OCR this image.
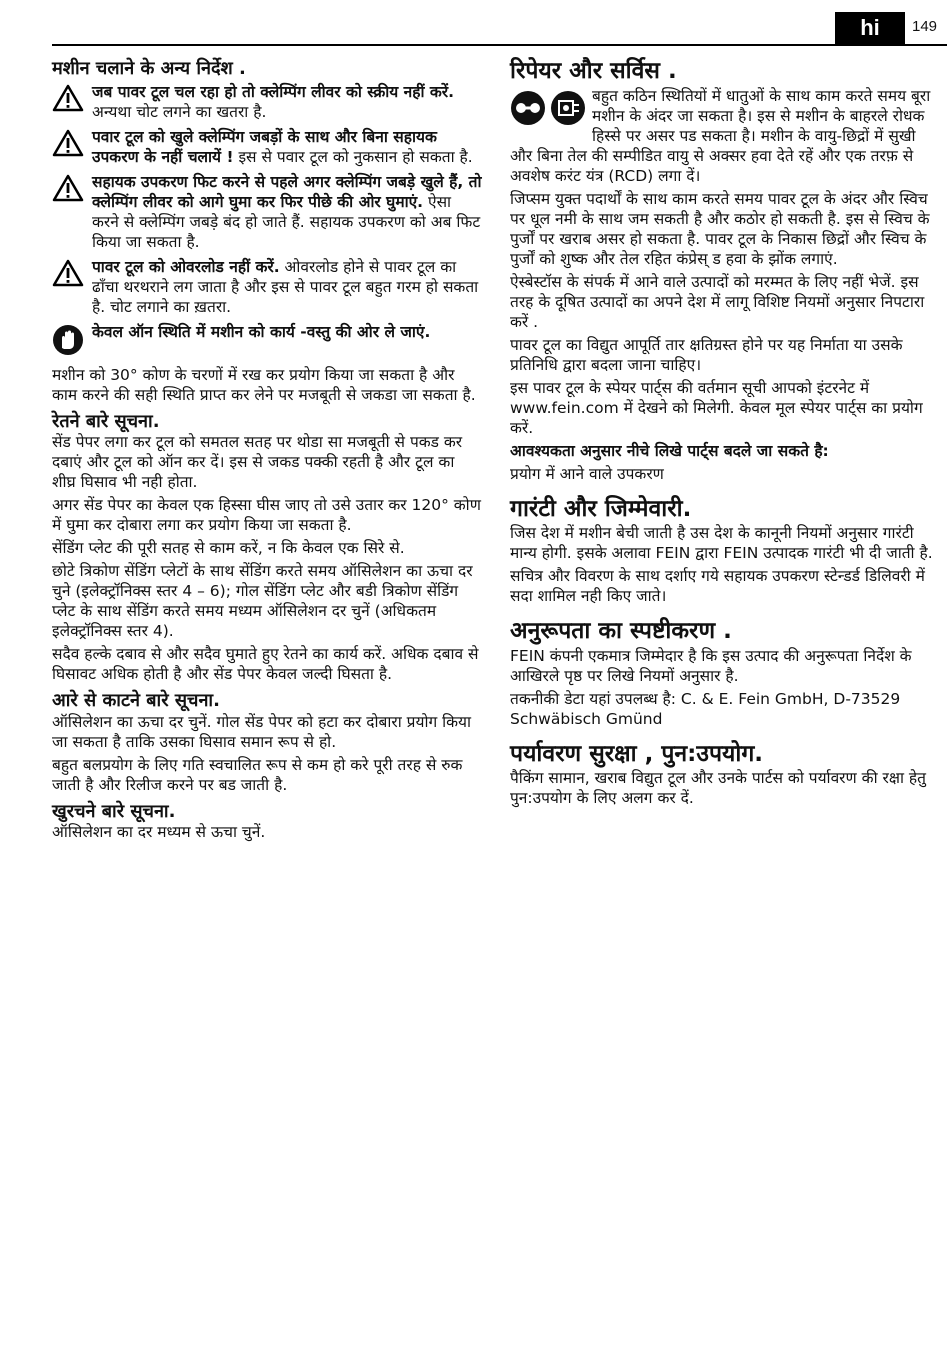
hi	149
मशीन चलाने के अन्य निर्देश .
जब पावर टूल चल रहा हो तो क्लेम्पिंग लीवर को स्क्रीय नहीं करें. अन्यथा चोट लगने का खतरा है.
पवार टूल को खुले क्लेम्पिंग जबड़ों के साथ और बिना सहायक उपकरण के नहीं चलायें ! इस से पवार टूल को नुकसान हो सकता है.
सहायक उपकरण फिट करने से पहले अगर क्लेम्पिंग जबड़े खुले हैं, तो क्लेम्पिंग लीवर को आगे घुमा कर फिर पीछे की ओर घुमाएं. ऐसा करने से क्लेम्पिंग जबड़े बंद हो जाते हैं. सहायक उपकरण को अब फिट किया जा सकता है.
पावर टूल को ओवरलोड नहीं करें. ओवरलोड होने से पावर टूल का ढाँचा थरथराने लग जाता है और इस से पावर टूल बहुत गरम हो सकता है. चोट लगाने का ख़तरा.
केवल ऑन स्थिति में मशीन को कार्य -वस्तु की ओर ले जाएं.

मशीन को 30° कोण के चरणों में रख कर प्रयोग किया जा सकता है और काम करने की सही स्थिति प्राप्त कर लेने पर मजबूती से जकडा जा सकता है.

रेतने बारे सूचना.

सेंड पेपर लगा कर टूल को समतल सतह पर थोडा सा मजबूती से पकड कर दबाएं और टूल को ऑन कर दें। इस से जकड पक्की रहती है और टूल का शीघ्र घिसाव भी नही होता.

अगर सेंड पेपर का केवल एक हिस्सा घीस जाए तो उसे उतार कर 120° कोण में घुमा कर दोबारा लगा कर प्रयोग किया जा सकता है.

सेंडिंग प्लेट की पूरी सतह से काम करें, न कि केवल एक सिरे से.

छोटे त्रिकोण सेंडिंग प्लेटों के साथ सेंडिंग करते समय ऑसिलेशन का ऊचा दर चुने (इलेक्ट्रॉनिक्स स्तर 4 – 6); गोल सेंडिंग प्लेट और बडी त्रिकोण सेंडिंग प्लेट के साथ सेंडिंग करते समय मध्यम ऑसिलेशन दर चुनें (अधिकतम इलेक्ट्रॉनिक्स स्तर 4).

सदैव हल्के दबाव से और सदैव घुमाते हुए रेतने का कार्य करें. अधिक दबाव से घिसावट अधिक होती है और सेंड पेपर केवल जल्दी घिसता है.

आरे से काटने बारे सूचना.

ऑसिलेशन का ऊचा दर चुनें. गोल सेंड पेपर को हटा कर दोबारा प्रयोग किया जा सकता है ताकि उसका घिसाव समान रूप से हो.

बहुत बलप्रयोग के लिए गति स्वचालित रूप से कम हो करे पूरी तरह से रुक जाती है और रिलीज करने पर बड जाती है.

खुरचने बारे सूचना.

ऑसिलेशन का दर मध्यम से ऊचा चुनें.

रिपेयर और सर्विस .

बहुत कठिन स्थितियों में धातुओं के साथ काम करते समय बूरा मशीन के अंदर जा सकता है। इस से मशीन के बाहरले रोधक हिस्से पर असर पड सकता है। मशीन के वायु-छिद्रों में सुखी और बिना तेल की सम्पीडित वायु से अक्सर हवा देते रहें और एक तरफ़ से अवशेष करंट यंत्र (RCD) लगा दें।

जिप्सम युक्त पदार्थों के साथ काम करते समय पावर टूल के अंदर और स्विच पर धूल नमी के साथ जम सकती है और कठोर हो सकती है. इस से स्विच के पुर्जों पर खराब असर हो सकता है. पावर टूल के निकास छिद्रों और स्विच के पुर्जों को शुष्क और तेल रहित कंप्रेस् ड हवा के झोंक लगाएं.

ऐस्बेस्टॉस के संपर्क में आने वाले उत्पादों को मरम्मत के लिए नहीं भेजें. इस तरह के दूषित उत्पादों का अपने देश में लागू विशिष्ट नियमों अनुसार निपटारा करें .

पावर टूल का विद्युत आपूर्ति तार क्षतिग्रस्त होने पर यह निर्माता या उसके प्रतिनिधि द्वारा बदला जाना चाहिए।

इस पावर टूल के स्पेयर पार्ट्स की वर्तमान सूची आपको इंटरनेट में www.fein.com में देखने को मिलेगी. केवल मूल स्पेयर पार्ट्स का प्रयोग करें.

आवश्यकता अनुसार नीचे लिखे पार्ट्स बदले जा सकते है:

प्रयोग में आने वाले उपकरण

गारंटी और जिम्मेवारी.

जिस देश में मशीन बेची जाती है उस देश के कानूनी नियमों अनुसार गारंटी मान्य होगी. इसके अलावा FEIN द्वारा FEIN उत्पादक गारंटी भी दी जाती है.

सचित्र और विवरण के साथ दर्शाए गये सहायक उपकरण स्टेन्डर्ड डिलिवरी में सदा शामिल नही किए जाते।

अनुरूपता का स्पष्टीकरण .

FEIN कंपनी एकमात्र जिम्मेदार है कि इस उत्पाद की अनुरूपता निर्देश के आखिरले पृष्ठ पर लिखे नियमों अनुसार है.

तकनीकी डेटा यहां उपलब्ध है: C. & E. Fein GmbH, D-73529 Schwäbisch Gmünd

पर्यावरण सुरक्षा , पुन:उपयोग.

पैकिंग सामान, खराब विद्युत टूल और उनके पार्टस को पर्यावरण की रक्षा हेतु पुन:उपयोग के लिए अलग कर दें.
